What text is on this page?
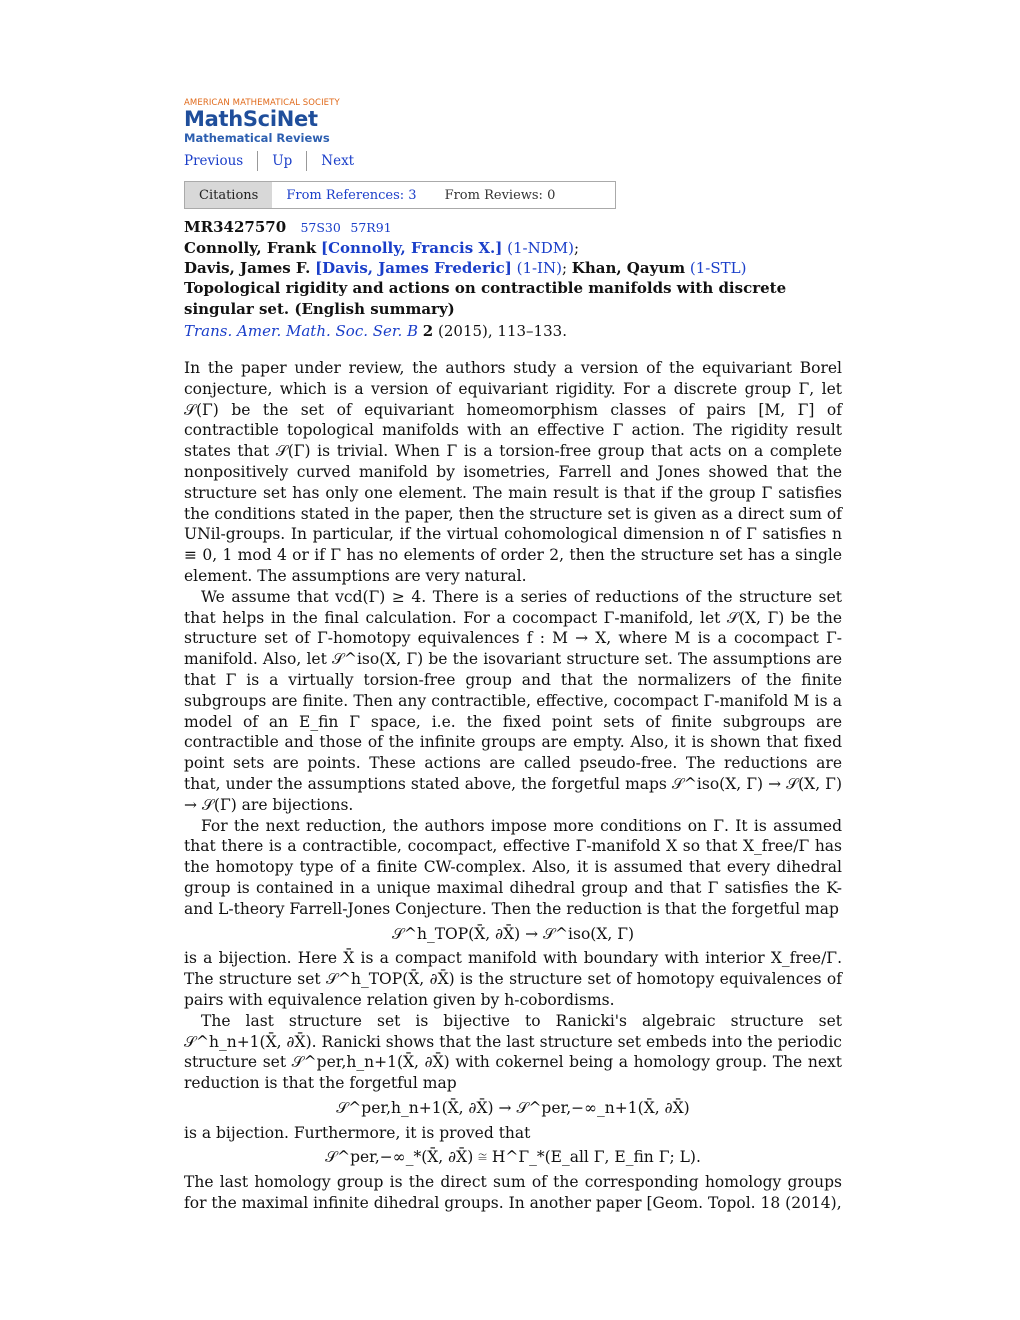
AMERICAN MATHEMATICAL SOCIETY
MathSciNet
Mathematical Reviews
Previous Up Next
Citations	From References: 3	From Reviews: 0
MR3427570 57S30 57R91
Connolly, Frank [Connolly, Francis X.] (1-NDM);
Davis, James F. [Davis, James Frederic] (1-IN); Khan, Qayum (1-STL)
Topological rigidity and actions on contractible manifolds with discrete singular set. (English summary)
Trans. Amer. Math. Soc. Ser. B 2 (2015), 113–133.

In the paper under review, the authors study a version of the equivariant Borel conjecture, which is a version of equivariant rigidity. For a discrete group Γ, let 𝒮(Γ) be the set of equivariant homeomorphism classes of pairs [M, Γ] of contractible topological manifolds with an effective Γ action. The rigidity result states that 𝒮(Γ) is trivial. When Γ is a torsion-free group that acts on a complete nonpositively curved manifold by isometries, Farrell and Jones showed that the structure set has only one element. The main result is that if the group Γ satisfies the conditions stated in the paper, then the structure set is given as a direct sum of UNil-groups. In particular, if the virtual cohomological dimension n of Γ satisfies n ≡ 0, 1 mod 4 or if Γ has no elements of order 2, then the structure set has a single element. The assumptions are very natural.

We assume that vcd(Γ) ≥ 4. There is a series of reductions of the structure set that helps in the final calculation. For a cocompact Γ-manifold, let 𝒮(X, Γ) be the structure set of Γ-homotopy equivalences f : M → X, where M is a cocompact Γ-manifold. Also, let 𝒮^iso(X, Γ) be the isovariant structure set. The assumptions are that Γ is a virtually torsion-free group and that the normalizers of the finite subgroups are finite. Then any contractible, effective, cocompact Γ-manifold M is a model of an E_fin Γ space, i.e. the fixed point sets of finite subgroups are contractible and those of the infinite groups are empty. Also, it is shown that fixed point sets are points. These actions are called pseudo-free. The reductions are that, under the assumptions stated above, the forgetful maps 𝒮^iso(X, Γ) → 𝒮(X, Γ) → 𝒮(Γ) are bijections.

For the next reduction, the authors impose more conditions on Γ. It is assumed that there is a contractible, cocompact, effective Γ-manifold X so that X_free/Γ has the homotopy type of a finite CW-complex. Also, it is assumed that every dihedral group is contained in a unique maximal dihedral group and that Γ satisfies the K- and L-theory Farrell-Jones Conjecture. Then the reduction is that the forgetful map

𝒮^h_TOP(X̄, ∂X̄) → 𝒮^iso(X, Γ)

is a bijection. Here X̄ is a compact manifold with boundary with interior X_free/Γ. The structure set 𝒮^h_TOP(X̄, ∂X̄) is the structure set of homotopy equivalences of pairs with equivalence relation given by h-cobordisms.

The last structure set is bijective to Ranicki's algebraic structure set 𝒮^h_n+1(X̄, ∂X̄). Ranicki shows that the last structure set embeds into the periodic structure set 𝒮^per,h_n+1(X̄, ∂X̄) with cokernel being a homology group. The next reduction is that the forgetful map

𝒮^per,h_n+1(X̄, ∂X̄) → 𝒮^per,−∞_n+1(X̄, ∂X̄)

is a bijection. Furthermore, it is proved that

𝒮^per,−∞_*(X̄, ∂X̄) ≅ H^Γ_*(E_all Γ, E_fin Γ; L).

The last homology group is the direct sum of the corresponding homology groups for the maximal infinite dihedral groups. In another paper [Geom. Topol. 18 (2014),
